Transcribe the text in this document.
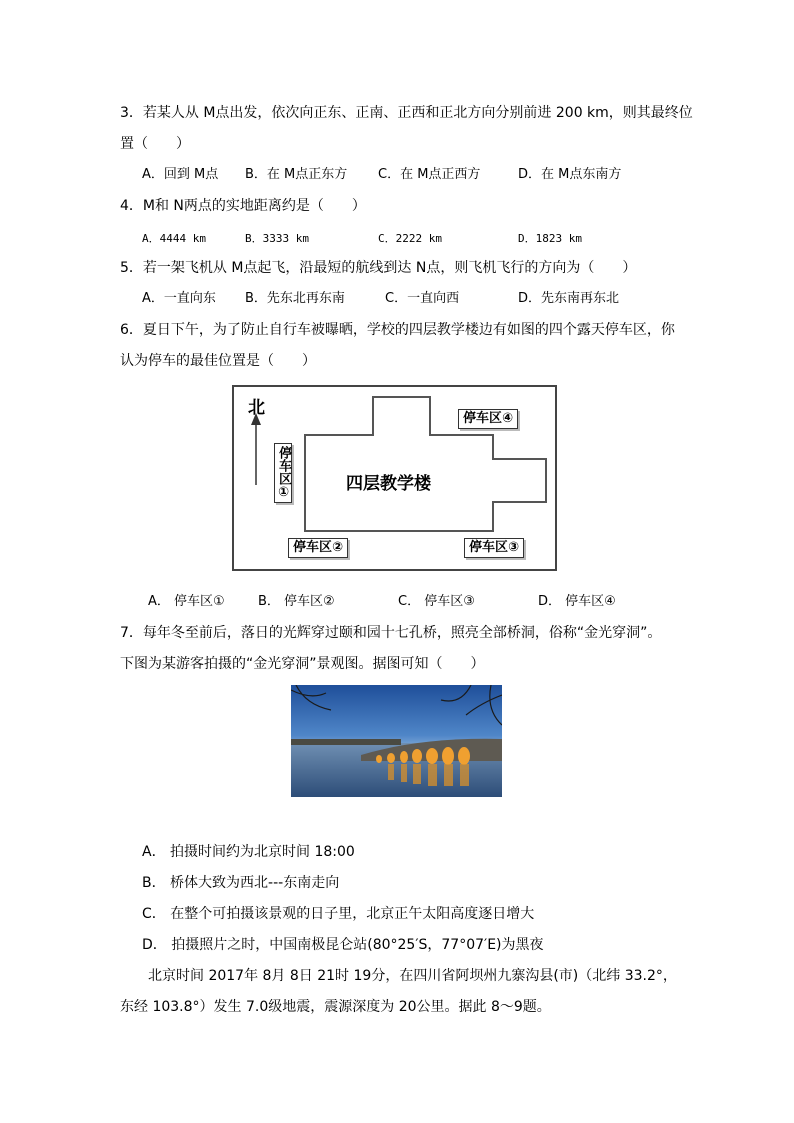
3．若某人从 M点出发，依次向正东、正南、正西和正北方向分别前进 200 km，则其最终位
置（　　）
A．回到 M点 B．在 M点正东方 C．在 M点正西方	D．在 M点东南方
4．M和 N两点的实地距离约是（　　）
A．4444 km	B．3333 km	C．2222 km	D．1823 km
5．若一架飞机从 M点起飞，沿最短的航线到达 N点，则飞机飞行的方向为（　　）
A．一直向东 B．先东北再东南	C．一直向西	D．先东南再东北
6．夏日下午，为了防止自行车被曝晒，学校的四层教学楼边有如图的四个露天停车区，你
认为停车的最佳位置是（　　）
北
四层教学楼
停车区①
停车区②	停车区③
停车区④
A． 停车区①	B． 停车区②	C． 停车区③	D． 停车区④
7．每年冬至前后，落日的光辉穿过颐和园十七孔桥，照亮全部桥洞，俗称“金光穿洞”。
下图为某游客拍摄的“金光穿洞”景观图。据图可知（　　）
A． 拍摄时间约为北京时间 18:00
B． 桥体大致为西北---东南走向
C． 在整个可拍摄该景观的日子里，北京正午太阳高度逐日增大
D． 拍摄照片之时，中国南极昆仑站(80°25′S，77°07′E)为黑夜
北京时间 2017年 8月 8日 21时 19分，在四川省阿坝州九寨沟县(市)（北纬 33.2°，
东经 103.8°）发生 7.0级地震，震源深度为 20公里。据此 8～9题。
